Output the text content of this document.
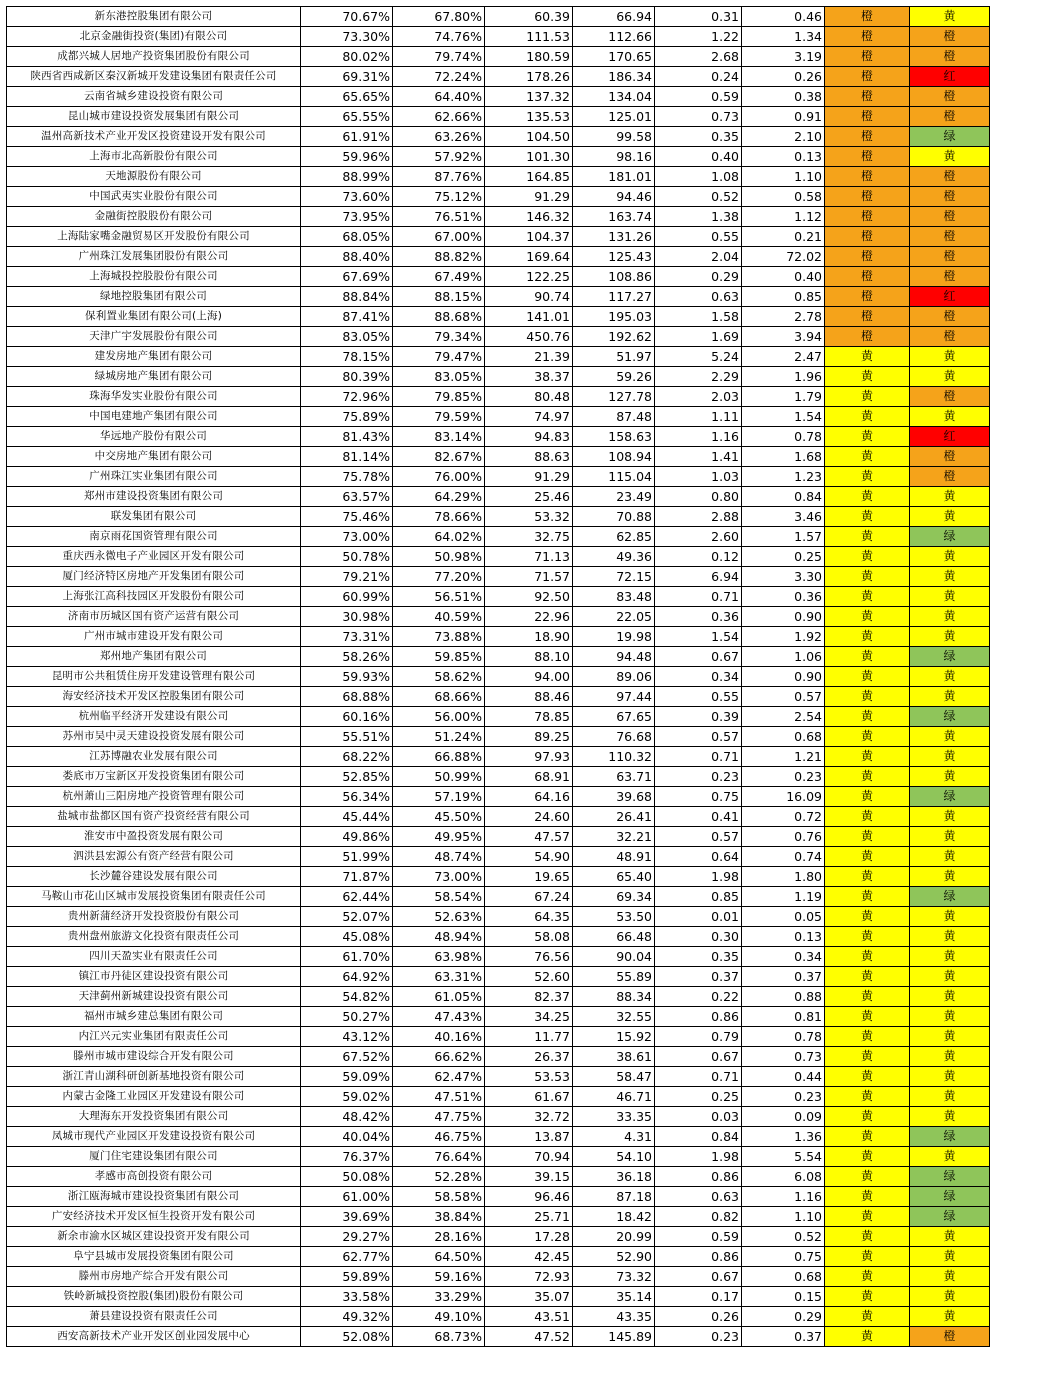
新东港控股集团有限公司	70.67%	67.80%	60.39	66.94	0.31	0.46	橙	黄
北京金融街投资(集团)有限公司	73.30%	74.76%	111.53	112.66	1.22	1.34	橙	橙
成都兴城人居地产投资集团股份有限公司	80.02%	79.74%	180.59	170.65	2.68	3.19	橙	橙
陕西省西咸新区秦汉新城开发建设集团有限责任公司	69.31%	72.24%	178.26	186.34	0.24	0.26	橙	红
云南省城乡建设投资有限公司	65.65%	64.40%	137.32	134.04	0.59	0.38	橙	橙
昆山城市建设投资发展集团有限公司	65.55%	62.66%	135.53	125.01	0.73	0.91	橙	橙
温州高新技术产业开发区投资建设开发有限公司	61.91%	63.26%	104.50	99.58	0.35	2.10	橙	绿
上海市北高新股份有限公司	59.96%	57.92%	101.30	98.16	0.40	0.13	橙	黄
天地源股份有限公司	88.99%	87.76%	164.85	181.01	1.08	1.10	橙	橙
中国武夷实业股份有限公司	73.60%	75.12%	91.29	94.46	0.52	0.58	橙	橙
金融街控股股份有限公司	73.95%	76.51%	146.32	163.74	1.38	1.12	橙	橙
上海陆家嘴金融贸易区开发股份有限公司	68.05%	67.00%	104.37	131.26	0.55	0.21	橙	橙
广州珠江发展集团股份有限公司	88.40%	88.82%	169.64	125.43	2.04	72.02	橙	橙
上海城投控股股份有限公司	67.69%	67.49%	122.25	108.86	0.29	0.40	橙	橙
绿地控股集团有限公司	88.84%	88.15%	90.74	117.27	0.63	0.85	橙	红
保利置业集团有限公司(上海)	87.41%	88.68%	141.01	195.03	1.58	2.78	橙	橙
天津广宇发展股份有限公司	83.05%	79.34%	450.76	192.62	1.69	3.94	橙	橙
建发房地产集团有限公司	78.15%	79.47%	21.39	51.97	5.24	2.47	黄	黄
绿城房地产集团有限公司	80.39%	83.05%	38.37	59.26	2.29	1.96	黄	黄
珠海华发实业股份有限公司	72.96%	79.85%	80.48	127.78	2.03	1.79	黄	橙
中国电建地产集团有限公司	75.89%	79.59%	74.97	87.48	1.11	1.54	黄	黄
华远地产股份有限公司	81.43%	83.14%	94.83	158.63	1.16	0.78	黄	红
中交房地产集团有限公司	81.14%	82.67%	88.63	108.94	1.41	1.68	黄	橙
广州珠江实业集团有限公司	75.78%	76.00%	91.29	115.04	1.03	1.23	黄	橙
郑州市建设投资集团有限公司	63.57%	64.29%	25.46	23.49	0.80	0.84	黄	黄
联发集团有限公司	75.46%	78.66%	53.32	70.88	2.88	3.46	黄	黄
南京雨花国资管理有限公司	73.00%	64.02%	32.75	62.85	2.60	1.57	黄	绿
重庆西永微电子产业园区开发有限公司	50.78%	50.98%	71.13	49.36	0.12	0.25	黄	黄
厦门经济特区房地产开发集团有限公司	79.21%	77.20%	71.57	72.15	6.94	3.30	黄	黄
上海张江高科技园区开发股份有限公司	60.99%	56.51%	92.50	83.48	0.71	0.36	黄	黄
济南市历城区国有资产运营有限公司	30.98%	40.59%	22.96	22.05	0.36	0.90	黄	黄
广州市城市建设开发有限公司	73.31%	73.88%	18.90	19.98	1.54	1.92	黄	黄
郑州地产集团有限公司	58.26%	59.85%	88.10	94.48	0.67	1.06	黄	绿
昆明市公共租赁住房开发建设管理有限公司	59.93%	58.62%	94.00	89.06	0.34	0.90	黄	黄
海安经济技术开发区控股集团有限公司	68.88%	68.66%	88.46	97.44	0.55	0.57	黄	黄
杭州临平经济开发建设有限公司	60.16%	56.00%	78.85	67.65	0.39	2.54	黄	绿
苏州市吴中灵天建设投资发展有限公司	55.51%	51.24%	89.25	76.68	0.57	0.68	黄	黄
江苏博融农业发展有限公司	68.22%	66.88%	97.93	110.32	0.71	1.21	黄	黄
娄底市万宝新区开发投资集团有限公司	52.85%	50.99%	68.91	63.71	0.23	0.23	黄	黄
杭州萧山三阳房地产投资管理有限公司	56.34%	57.19%	64.16	39.68	0.75	16.09	黄	绿
盐城市盐都区国有资产投资经营有限公司	45.44%	45.50%	24.60	26.41	0.41	0.72	黄	黄
淮安市中盈投资发展有限公司	49.86%	49.95%	47.57	32.21	0.57	0.76	黄	黄
泗洪县宏源公有资产经营有限公司	51.99%	48.74%	54.90	48.91	0.64	0.74	黄	黄
长沙麓谷建设发展有限公司	71.87%	73.00%	19.65	65.40	1.98	1.80	黄	黄
马鞍山市花山区城市发展投资集团有限责任公司	62.44%	58.54%	67.24	69.34	0.85	1.19	黄	绿
贵州新蒲经济开发投资股份有限公司	52.07%	52.63%	64.35	53.50	0.01	0.05	黄	黄
贵州盘州旅游文化投资有限责任公司	45.08%	48.94%	58.08	66.48	0.30	0.13	黄	黄
四川天盈实业有限责任公司	61.70%	63.98%	76.56	90.04	0.35	0.34	黄	黄
镇江市丹徒区建设投资有限公司	64.92%	63.31%	52.60	55.89	0.37	0.37	黄	黄
天津蓟州新城建设投资有限公司	54.82%	61.05%	82.37	88.34	0.22	0.88	黄	黄
福州市城乡建总集团有限公司	50.27%	47.43%	34.25	32.55	0.86	0.81	黄	黄
内江兴元实业集团有限责任公司	43.12%	40.16%	11.77	15.92	0.79	0.78	黄	黄
滕州市城市建设综合开发有限公司	67.52%	66.62%	26.37	38.61	0.67	0.73	黄	黄
浙江青山湖科研创新基地投资有限公司	59.09%	62.47%	53.53	58.47	0.71	0.44	黄	黄
内蒙古金隆工业园区开发建设有限公司	59.02%	47.51%	61.67	46.71	0.25	0.23	黄	黄
大理海东开发投资集团有限公司	48.42%	47.75%	32.72	33.35	0.03	0.09	黄	黄
凤城市现代产业园区开发建设投资有限公司	40.04%	46.75%	13.87	4.31	0.84	1.36	黄	绿
厦门住宅建设集团有限公司	76.37%	76.64%	70.94	54.10	1.98	5.54	黄	黄
孝感市高创投资有限公司	50.08%	52.28%	39.15	36.18	0.86	6.08	黄	绿
浙江瓯海城市建设投资集团有限公司	61.00%	58.58%	96.46	87.18	0.63	1.16	黄	绿
广安经济技术开发区恒生投资开发有限公司	39.69%	38.84%	25.71	18.42	0.82	1.10	黄	绿
新余市渝水区城区建设投资开发有限公司	29.27%	28.16%	17.28	20.99	0.59	0.52	黄	黄
阜宁县城市发展投资集团有限公司	62.77%	64.50%	42.45	52.90	0.86	0.75	黄	黄
滕州市房地产综合开发有限公司	59.89%	59.16%	72.93	73.32	0.67	0.68	黄	黄
铁岭新城投资控股(集团)股份有限公司	33.58%	33.29%	35.07	35.14	0.17	0.15	黄	黄
萧县建设投资有限责任公司	49.32%	49.10%	43.51	43.35	0.26	0.29	黄	黄
西安高新技术产业开发区创业园发展中心	52.08%	68.73%	47.52	145.89	0.23	0.37	黄	橙
